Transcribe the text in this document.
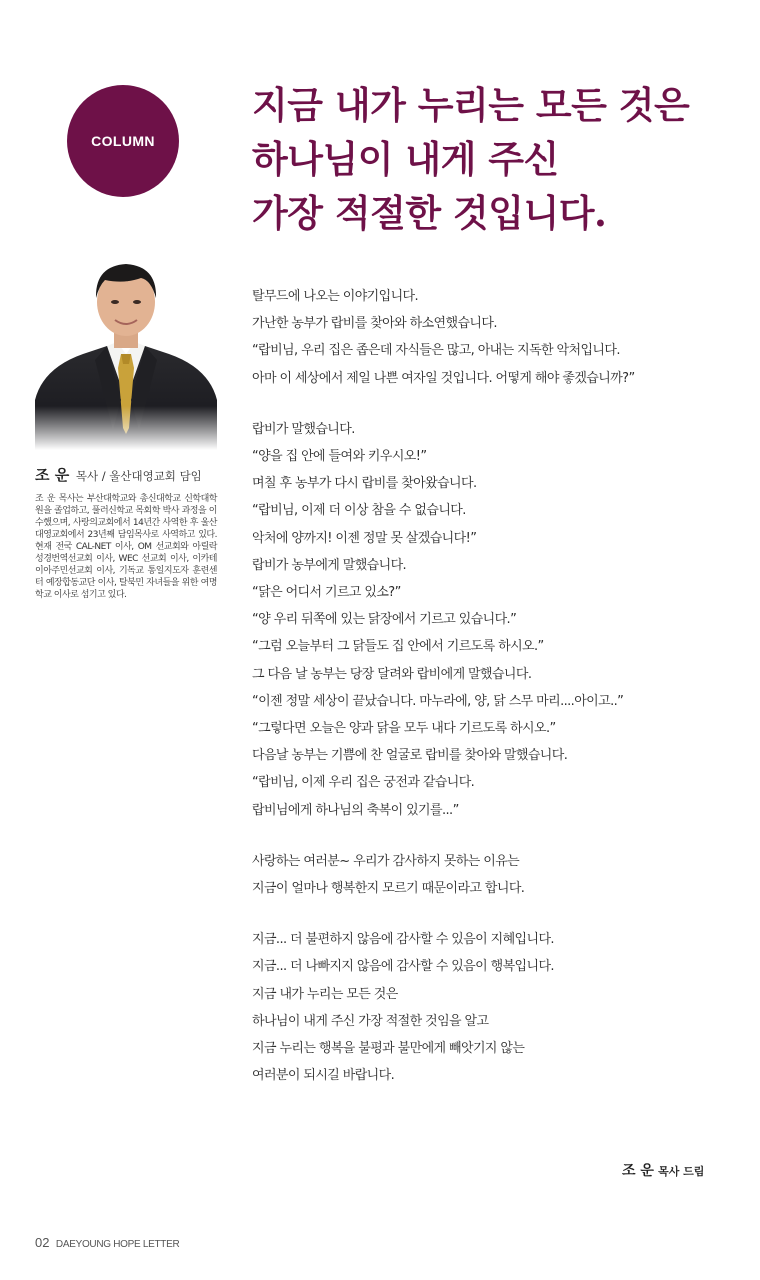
COLUMN
지금 내가 누리는 모든 것은
하나님이 내게 주신
가장 적절한 것입니다.
조 운 목사 / 울산대영교회 담임
조 운 목사는 부산대학교와 총신대학교 신학대학원을 졸업하고, 풀러신학교 목회학 박사 과정을 이수했으며, 사랑의교회에서 14년간 사역한 후 울산 대영교회에서 23년째 담임목사로 사역하고 있다. 현재 전국 CAL-NET 이사, OM 선교회와 아릴락 성경번역선교회 이사, WEC 선교회 이사, 이카테이아주민선교회 이사, 기독교 통일지도자 훈련센터 예장합동교단 이사, 탈북민 자녀들을 위한 여명학교 이사로 섬기고 있다.
탈무드에 나오는 이야기입니다.
가난한 농부가 랍비를 찾아와 하소연했습니다.
“랍비님, 우리 집은 좁은데 자식들은 많고, 아내는 지독한 악처입니다.
아마 이 세상에서 제일 나쁜 여자일 것입니다. 어떻게 해야 좋겠습니까?”
랍비가 말했습니다.
“양을 집 안에 들여와 키우시오!”
며칠 후 농부가 다시 랍비를 찾아왔습니다.
“랍비님, 이제 더 이상 참을 수 없습니다.
악처에 양까지! 이젠 정말 못 살겠습니다!”
랍비가 농부에게 말했습니다.
“닭은 어디서 기르고 있소?”
“양 우리 뒤쪽에 있는 닭장에서 기르고 있습니다.”
“그럼 오늘부터 그 닭들도 집 안에서 기르도록 하시오.”
그 다음 날 농부는 당장 달려와 랍비에게 말했습니다.
“이젠 정말 세상이 끝났습니다. 마누라에, 양, 닭 스무 마리....아이고..”
“그렇다면 오늘은 양과 닭을 모두 내다 기르도록 하시오.”
다음날 농부는 기쁨에 찬 얼굴로 랍비를 찾아와 말했습니다.
“랍비님, 이제 우리 집은 궁전과 같습니다.
랍비님에게 하나님의 축복이 있기를...”
사랑하는 여러분~ 우리가 감사하지 못하는 이유는
지금이 얼마나 행복한지 모르기 때문이라고 합니다.
지금... 더 불편하지 않음에 감사할 수 있음이 지혜입니다.
지금... 더 나빠지지 않음에 감사할 수 있음이 행복입니다.
지금 내가 누리는 모든 것은
하나님이 내게 주신 가장 적절한 것임을 알고
지금 누리는 행복을 불평과 불만에게 빼앗기지 않는
여러분이 되시길 바랍니다.
조 운 목사 드림
02 DAEYOUNG HOPE LETTER
